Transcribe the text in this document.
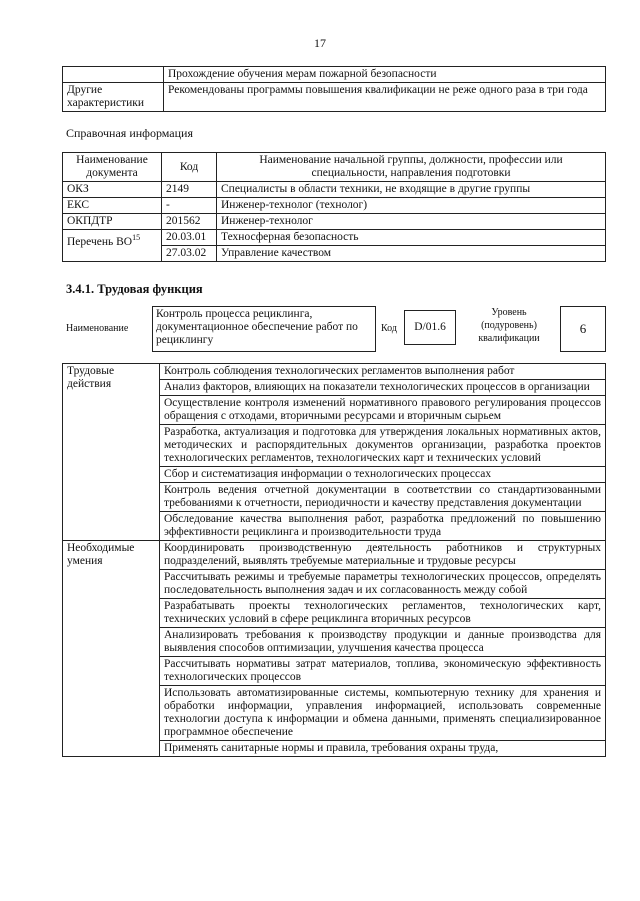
17
	Прохождение обучения мерам пожарной безопасности
Другие характеристики	Рекомендованы программы повышения квалификации не реже одного раза в три года
Справочная информация
Наименование документа	Код	Наименование начальной группы, должности, профессии или специальности, направления подготовки
ОКЗ	2149	Специалисты в области техники, не входящие в другие группы
ЕКС	-	Инженер-технолог (технолог)
ОКПДТР	201562	Инженер-технолог
Перечень ВО$^{15}$	20.03.01	Техносферная безопасность
	27.03.02	Управление качеством
3.4.1. Трудовая функция
Наименование
Контроль процесса рециклинга, документационное обеспечение работ по рециклингу
Код	D/01.6
Уровень (подуровень) квалификации
6
Трудовые действия	Контроль соблюдения технологических регламентов выполнения работ
	Анализ факторов, влияющих на показатели технологических процессов в организации
	Осуществление контроля изменений нормативного правового регулирования процессов обращения с отходами, вторичными ресурсами и вторичным сырьем
	Разработка, актуализация и подготовка для утверждения локальных нормативных актов, методических и распорядительных документов организации, разработка проектов технологических регламентов, технологических карт и технических условий
	Сбор и систематизация информации о технологических процессах
	Контроль ведения отчетной документации в соответствии со стандартизованными требованиями к отчетности, периодичности и качеству представления документации
	Обследование качества выполнения работ, разработка предложений по повышению эффективности рециклинга и производительности труда
Необходимые умения	Координировать производственную деятельность работников и структурных подразделений, выявлять требуемые материальные и трудовые ресурсы
	Рассчитывать режимы и требуемые параметры технологических процессов, определять последовательность выполнения задач и их согласованность между собой
	Разрабатывать проекты технологических регламентов, технологических карт, технических условий в сфере рециклинга вторичных ресурсов
	Анализировать требования к производству продукции и данные производства для выявления способов оптимизации, улучшения качества процесса
	Рассчитывать нормативы затрат материалов, топлива, экономическую эффективность технологических процессов
	Использовать автоматизированные системы, компьютерную технику для хранения и обработки информации, управления информацией, использовать современные технологии доступа к информации и обмена данными, применять специализированное программное обеспечение
	Применять санитарные нормы и правила, требования охраны труда,
